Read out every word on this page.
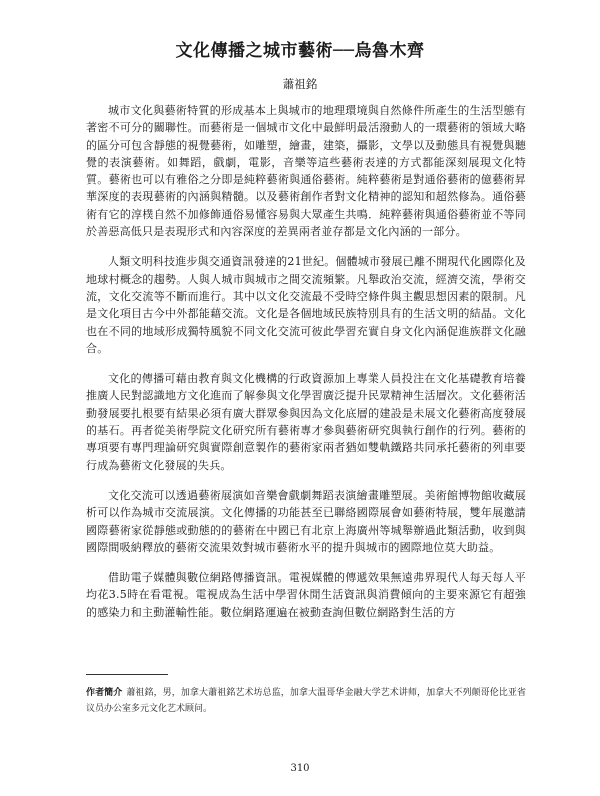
文化傳播之城市藝術──烏魯木齊
蕭祖銘

城市文化與藝術特質的形成基本上與城市的地理環境與自然條件所產生的生活型態有著密不可分的關聯性。而藝術是一個城市文化中最鮮明最活潑動人的一環藝術的領域大略的區分可包含靜態的視覺藝術，如雕塑，繪畫，建築，攝影，文學以及動態具有視覺與聽覺的表演藝術。如舞蹈，戲劇，電影，音樂等這些藝術表達的方式都能深刻展現文化特質。藝術也可以有雅俗之分即是純粹藝術與通俗藝術。純粹藝術是對通俗藝術的億藝術昇華深度的表現藝術的內涵與精髓。以及藝術創作者對文化精神的認知和超然修為。通俗藝術有它的淳樸自然不加修飾通俗易懂容易與大眾產生共鳴．純粹藝術與通俗藝術並不等同於善惡高低只是表現形式和內容深度的差異兩者並存都是文化內涵的一部分。

人類文明科技進步與交通資訊發達的21世紀。個體城市發展已離不開現代化國際化及地球村概念的趨勢。人與人城市與城市之間交流頻繁。凡舉政治交流，經濟交流，學術交流，文化交流等不斷而進行。其中以文化交流最不受時空條件與主觀思想因素的限制。凡是文化項目古今中外都能藉交流。文化是各個地域民族特別具有的生活文明的結晶。文化也在不同的地域形成獨特風貌不同文化交流可彼此學習充實自身文化內涵促進族群文化融合。

文化的傳播可藉由教育與文化機構的行政資源加上專業人員投注在文化基礎教育培養推廣人民對認識地方文化進而了解參與文化學習廣泛提升民眾精神生活層次。文化藝術活動發展要扎根要有結果必須有廣大群眾參與因為文化底層的建設是未展文化藝術高度發展的基石。再者從美術學院文化研究所有藝術專才參與藝術研究與執行創作的行列。藝術的專項要有專門理論研究與實際創意製作的藝術家兩者猶如雙軌鐵路共同承托藝術的列車要行成為藝術文化發展的失兵。

文化交流可以透過藝術展演如音樂會戲劇舞蹈表演繪畫雕塑展。美術館博物館收藏展析可以作為城市交流展演。文化傳播的功能甚至已聯絡國際展會如藝術特展，雙年展邀請國際藝術家從靜態或動態的的藝術在中國已有北京上海廣州等城舉辦過此類活動，收到與國際間吸納釋放的藝術交流果效對城市藝術水平的提升與城市的國際地位莫大助益。

借助電子媒體與數位網路傳播資訊。電視媒體的傳遞效果無遠弗界現代人每天每人平均花3.5時在看電視。電視成為生活中學習休閒生活資訊與消費傾向的主要來源它有超強的感染力和主動灌輸性能。數位網路運遍在被動查詢但數位網路對生活的方

作者簡介 蕭祖銘，男，加拿大蕭祖銘艺术坊总监，加拿大温哥华金融大学艺术讲师，加拿大不列颠哥伦比亚省议员办公室多元文化艺术顾问。
310
